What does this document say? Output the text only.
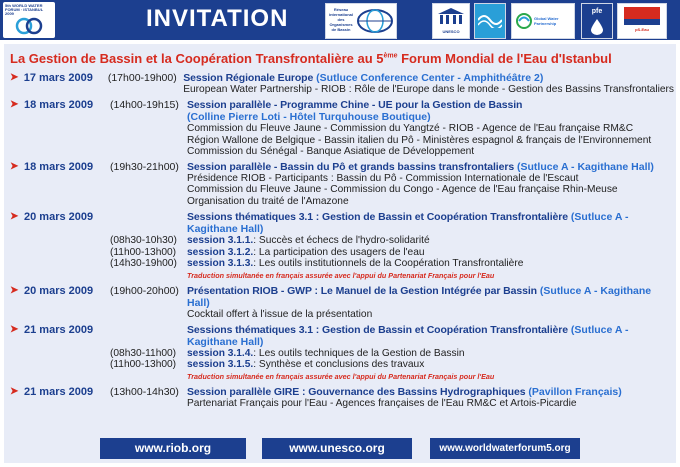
5th WORLD WATER FORUM · ISTANBUL 2009	INVITATION	Réseau international des Organismes de Bassin	UNESCO
Global Water Partnership
pfe
pS-Eau
La Gestion de Bassin et la Coopération Transfrontalière au 5ème Forum Mondial de l'Eau d'Istanbul
➤ 17 mars 2009	(17h00-19h00) Session Régionale Europe (Sutluce Conference Center - Amphithéâtre 2)
European Water Partnership - RIOB : Rôle de l'Europe dans le monde - Gestion des Bassins Transfrontaliers
➤ 18 mars 2009	(14h00-19h15) Session parallèle - Programme Chine - UE pour la Gestion de Bassin
(Colline Pierre Loti - Hôtel Turquhouse Boutique)
Commission du Fleuve Jaune - Commission du Yangtzé - RIOB - Agence de l'Eau française RM&C
Région Wallone de Belgique - Bassin italien du Pô - Ministères espagnol & français de l'Environnement
Commission du Sénégal - Banque Asiatique de Développement
➤ 18 mars 2009	(19h30-21h00) Session parallèle - Bassin du Pô et grands bassins transfrontaliers (Sutluce A - Kagithane Hall)
Présidence RIOB - Participants : Bassin du Pô - Commission Internationale de l'Escaut
Commission du Fleuve Jaune - Commission du Congo - Agence de l'Eau française Rhin-Meuse
Organisation du traité de l'Amazone
➤ 20 mars 2009	Sessions thématiques 3.1 : Gestion de Bassin et Coopération Transfrontalière (Sutluce A - Kagithane Hall)
(08h30-10h30) session 3.1.1. : Succès et échecs de l'hydro-solidarité
(11h00-13h00)	session 3.1.2. : La participation des usagers de l'eau
(14h30-19h00) session 3.1.3. : Les outils institutionnels de la Coopération Transfrontalière
Traduction simultanée en français assurée avec l'appui du Partenariat Français pour l'Eau
➤ 20 mars 2009	(19h00-20h00) Présentation RIOB - GWP : Le Manuel de la Gestion Intégrée par Bassin (Sutluce A - Kagithane Hall)
Cocktail offert à l'issue de la présentation
➤ 21 mars 2009	Sessions thématiques 3.1 : Gestion de Bassin et Coopération Transfrontalière (Sutluce A - Kagithane Hall)
(08h30-11h00)	session 3.1.4. : Les outils techniques de la Gestion de Bassin
(11h00-13h00)	session 3.1.5. : Synthèse et conclusions des travaux
Traduction simultanée en français assurée avec l'appui du Partenariat Français pour l'Eau
➤ 21 mars 2009	(13h00-14h30) Session parallèle GIRE : Gouvernance des Bassins Hydrographiques (Pavillon Français)
Partenariat Français pour l'Eau - Agences françaises de l'Eau RM&C et Artois-Picardie
www.riob.org	www.unesco.org	www.worldwaterforum5.org
